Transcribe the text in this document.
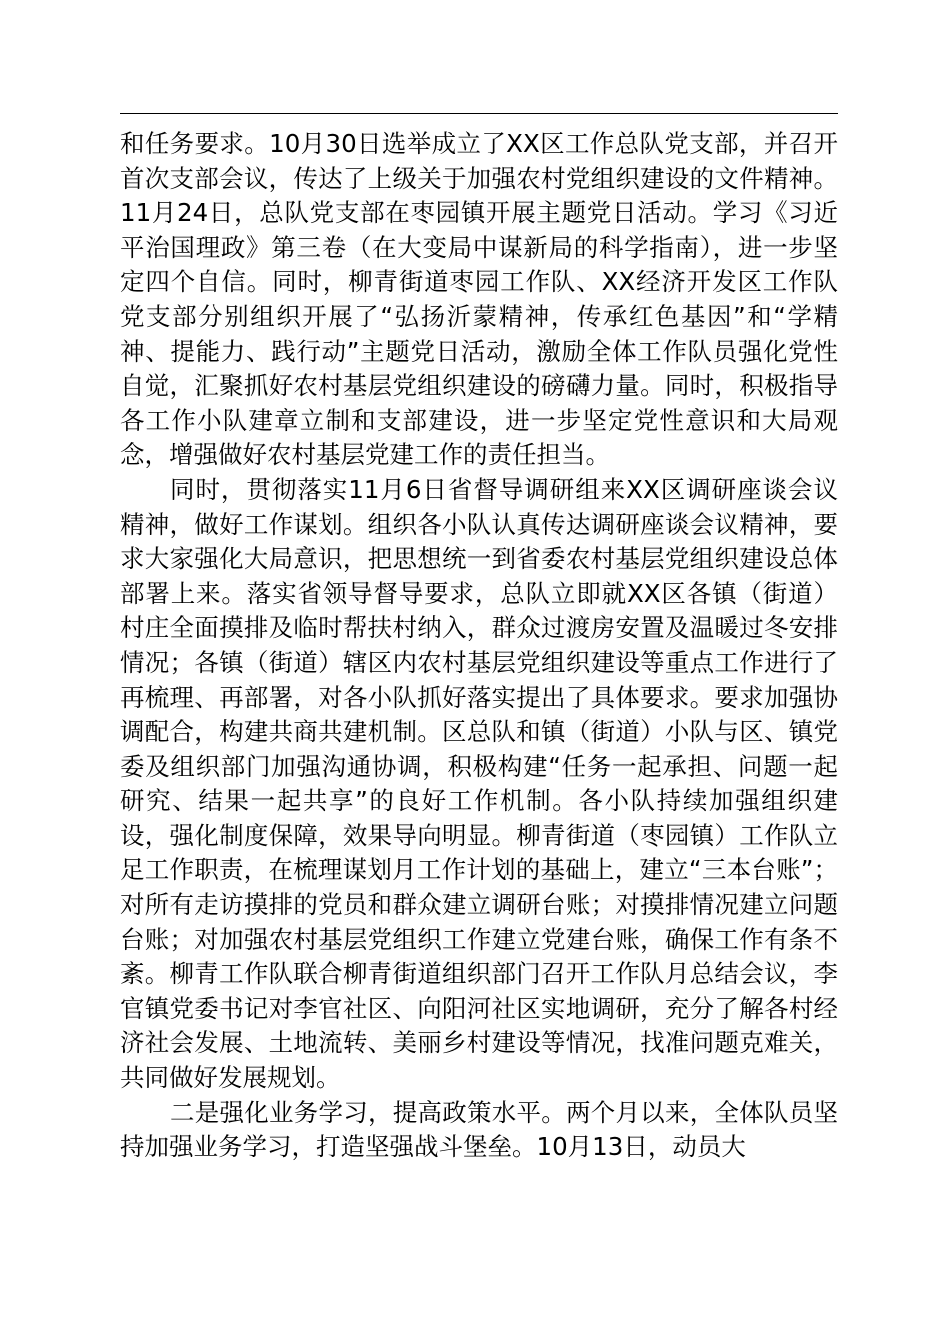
和任务要求。10月30日选举成立了XX区工作总队党支部，并召开首次支部会议，传达了上级关于加强农村党组织建设的文件精神。11月24日，总队党支部在枣园镇开展主题党日活动。学习《习近平治国理政》第三卷（在大变局中谋新局的科学指南），进一步坚定四个自信。同时，柳青街道枣园工作队、XX经济开发区工作队党支部分别组织开展了“弘扬沂蒙精神，传承红色基因”和“学精神、提能力、践行动”主题党日活动，激励全体工作队员强化党性自觉，汇聚抓好农村基层党组织建设的磅礴力量。同时，积极指导各工作小队建章立制和支部建设，进一步坚定党性意识和大局观念，增强做好农村基层党建工作的责任担当。

同时，贯彻落实11月6日省督导调研组来XX区调研座谈会议精神，做好工作谋划。组织各小队认真传达调研座谈会议精神，要求大家强化大局意识，把思想统一到省委农村基层党组织建设总体部署上来。落实省领导督导要求，总队立即就XX区各镇（街道）村庄全面摸排及临时帮扶村纳入，群众过渡房安置及温暖过冬安排情况；各镇（街道）辖区内农村基层党组织建设等重点工作进行了再梳理、再部署，对各小队抓好落实提出了具体要求。要求加强协调配合，构建共商共建机制。区总队和镇（街道）小队与区、镇党委及组织部门加强沟通协调，积极构建“任务一起承担、问题一起研究、结果一起共享”的良好工作机制。各小队持续加强组织建设，强化制度保障，效果导向明显。柳青街道（枣园镇）工作队立足工作职责，在梳理谋划月工作计划的基础上，建立“三本台账”；对所有走访摸排的党员和群众建立调研台账；对摸排情况建立问题台账；对加强农村基层党组织工作建立党建台账，确保工作有条不紊。柳青工作队联合柳青街道组织部门召开工作队月总结会议，李官镇党委书记对李官社区、向阳河社区实地调研，充分了解各村经济社会发展、土地流转、美丽乡村建设等情况，找准问题克难关，共同做好发展规划。

二是强化业务学习，提高政策水平。两个月以来，全体队员坚持加强业务学习，打造坚强战斗堡垒。10月13日，动员大
